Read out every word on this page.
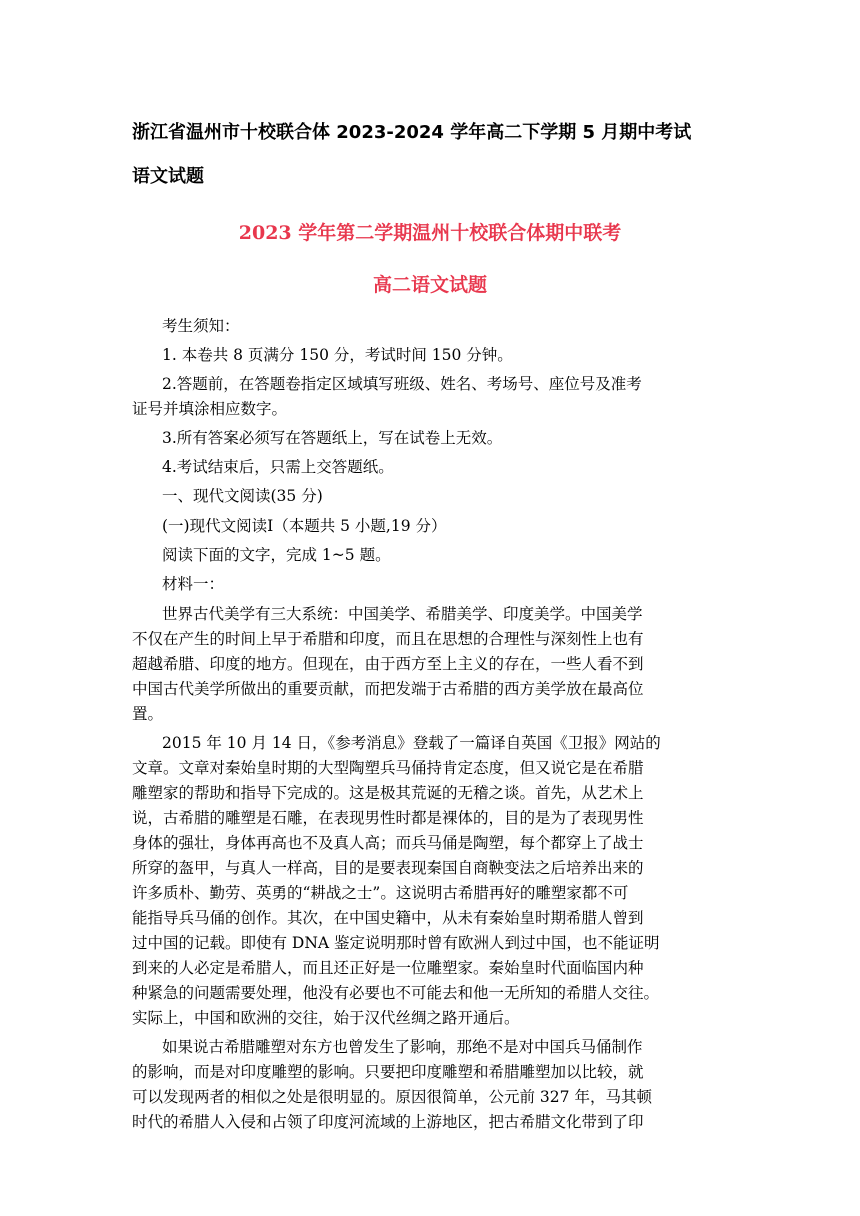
浙江省温州市十校联合体 2023-2024 学年高二下学期 5 月期中考试
语文试题
2023 学年第二学期温州十校联合体期中联考
高二语文试题
考生须知：
1. 本卷共 8 页满分 150 分，考试时间 150 分钟。
2.答题前，在答题卷指定区域填写班级、姓名、考场号、座位号及准考
证号并填涂相应数字。
3.所有答案必须写在答题纸上，写在试卷上无效。
4.考试结束后，只需上交答题纸。
一、现代文阅读(35 分)
(一)现代文阅读Ⅰ（本题共 5 小题,19 分）
阅读下面的文字，完成 1~5 题。
材料一：
世界古代美学有三大系统：中国美学、希腊美学、印度美学。中国美学
不仅在产生的时间上早于希腊和印度，而且在思想的合理性与深刻性上也有
超越希腊、印度的地方。但现在，由于西方至上主义的存在，一些人看不到
中国古代美学所做出的重要贡献，而把发端于古希腊的西方美学放在最高位
置。
2015 年 10 月 14 日，《参考消息》登载了一篇译自英国《卫报》网站的
文章。文章对秦始皇时期的大型陶塑兵马俑持肯定态度，但又说它是在希腊
雕塑家的帮助和指导下完成的。这是极其荒诞的无稽之谈。首先，从艺术上
说，古希腊的雕塑是石雕，在表现男性时都是裸体的，目的是为了表现男性
身体的强壮，身体再高也不及真人高；而兵马俑是陶塑，每个都穿上了战士
所穿的盔甲，与真人一样高，目的是要表现秦国自商鞅变法之后培养出来的
许多质朴、勤劳、英勇的“耕战之士”。这说明古希腊再好的雕塑家都不可
能指导兵马俑的创作。其次，在中国史籍中，从未有秦始皇时期希腊人曾到
过中国的记载。即使有 DNA 鉴定说明那时曾有欧洲人到过中国，也不能证明
到来的人必定是希腊人，而且还正好是一位雕塑家。秦始皇时代面临国内种
种紧急的问题需要处理，他没有必要也不可能去和他一无所知的希腊人交往。
实际上，中国和欧洲的交往，始于汉代丝绸之路开通后。
如果说古希腊雕塑对东方也曾发生了影响，那绝不是对中国兵马俑制作
的影响，而是对印度雕塑的影响。只要把印度雕塑和希腊雕塑加以比较，就
可以发现两者的相似之处是很明显的。原因很简单，公元前 327 年，马其顿
时代的希腊人入侵和占领了印度河流域的上游地区，把古希腊文化带到了印
